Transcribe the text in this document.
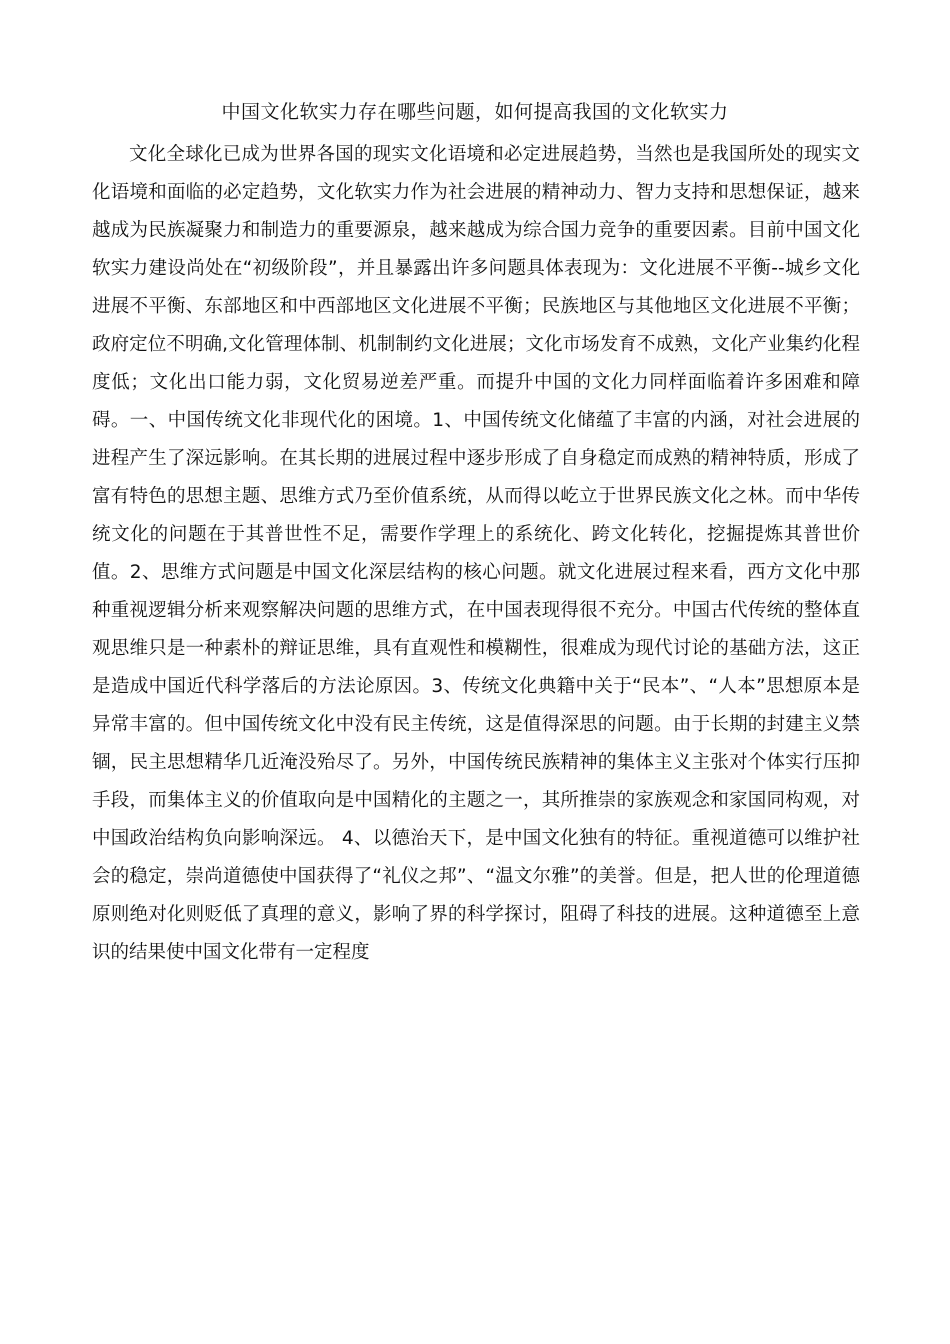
中国文化软实力存在哪些问题，如何提高我国的文化软实力

文化全球化已成为世界各国的现实文化语境和必定进展趋势，当然也是我国所处的现实文化语境和面临的必定趋势，文化软实力作为社会进展的精神动力、智力支持和思想保证，越来越成为民族凝聚力和制造力的重要源泉，越来越成为综合国力竞争的重要因素。目前中国文化软实力建设尚处在“初级阶段”，并且暴露出许多问题具体表现为：文化进展不平衡--城乡文化进展不平衡、东部地区和中西部地区文化进展不平衡；民族地区与其他地区文化进展不平衡；政府定位不明确,文化管理体制、机制制约文化进展；文化市场发育不成熟，文化产业集约化程度低；文化出口能力弱，文化贸易逆差严重。而提升中国的文化力同样面临着许多困难和障碍。一、中国传统文化非现代化的困境。1、中国传统文化储蕴了丰富的内涵，对社会进展的进程产生了深远影响。在其长期的进展过程中逐步形成了自身稳定而成熟的精神特质，形成了富有特色的思想主题、思维方式乃至价值系统，从而得以屹立于世界民族文化之林。而中华传统文化的问题在于其普世性不足，需要作学理上的系统化、跨文化转化，挖掘提炼其普世价值。2、思维方式问题是中国文化深层结构的核心问题。就文化进展过程来看，西方文化中那种重视逻辑分析来观察解决问题的思维方式，在中国表现得很不充分。中国古代传统的整体直观思维只是一种素朴的辩证思维，具有直观性和模糊性，很难成为现代讨论的基础方法，这正是造成中国近代科学落后的方法论原因。3、传统文化典籍中关于“民本”、“人本”思想原本是异常丰富的。但中国传统文化中没有民主传统，这是值得深思的问题。由于长期的封建主义禁锢，民主思想精华几近淹没殆尽了。另外，中国传统民族精神的集体主义主张对个体实行压抑手段，而集体主义的价值取向是中国精化的主题之一，其所推崇的家族观念和家国同构观，对中国政治结构负向影响深远。 4、以德治天下，是中国文化独有的特征。重视道德可以维护社会的稳定，崇尚道德使中国获得了“礼仪之邦”、“温文尔雅”的美誉。但是，把人世的伦理道德原则绝对化则贬低了真理的意义，影响了界的科学探讨，阻碍了科技的进展。这种道德至上意识的结果使中国文化带有一定程度
